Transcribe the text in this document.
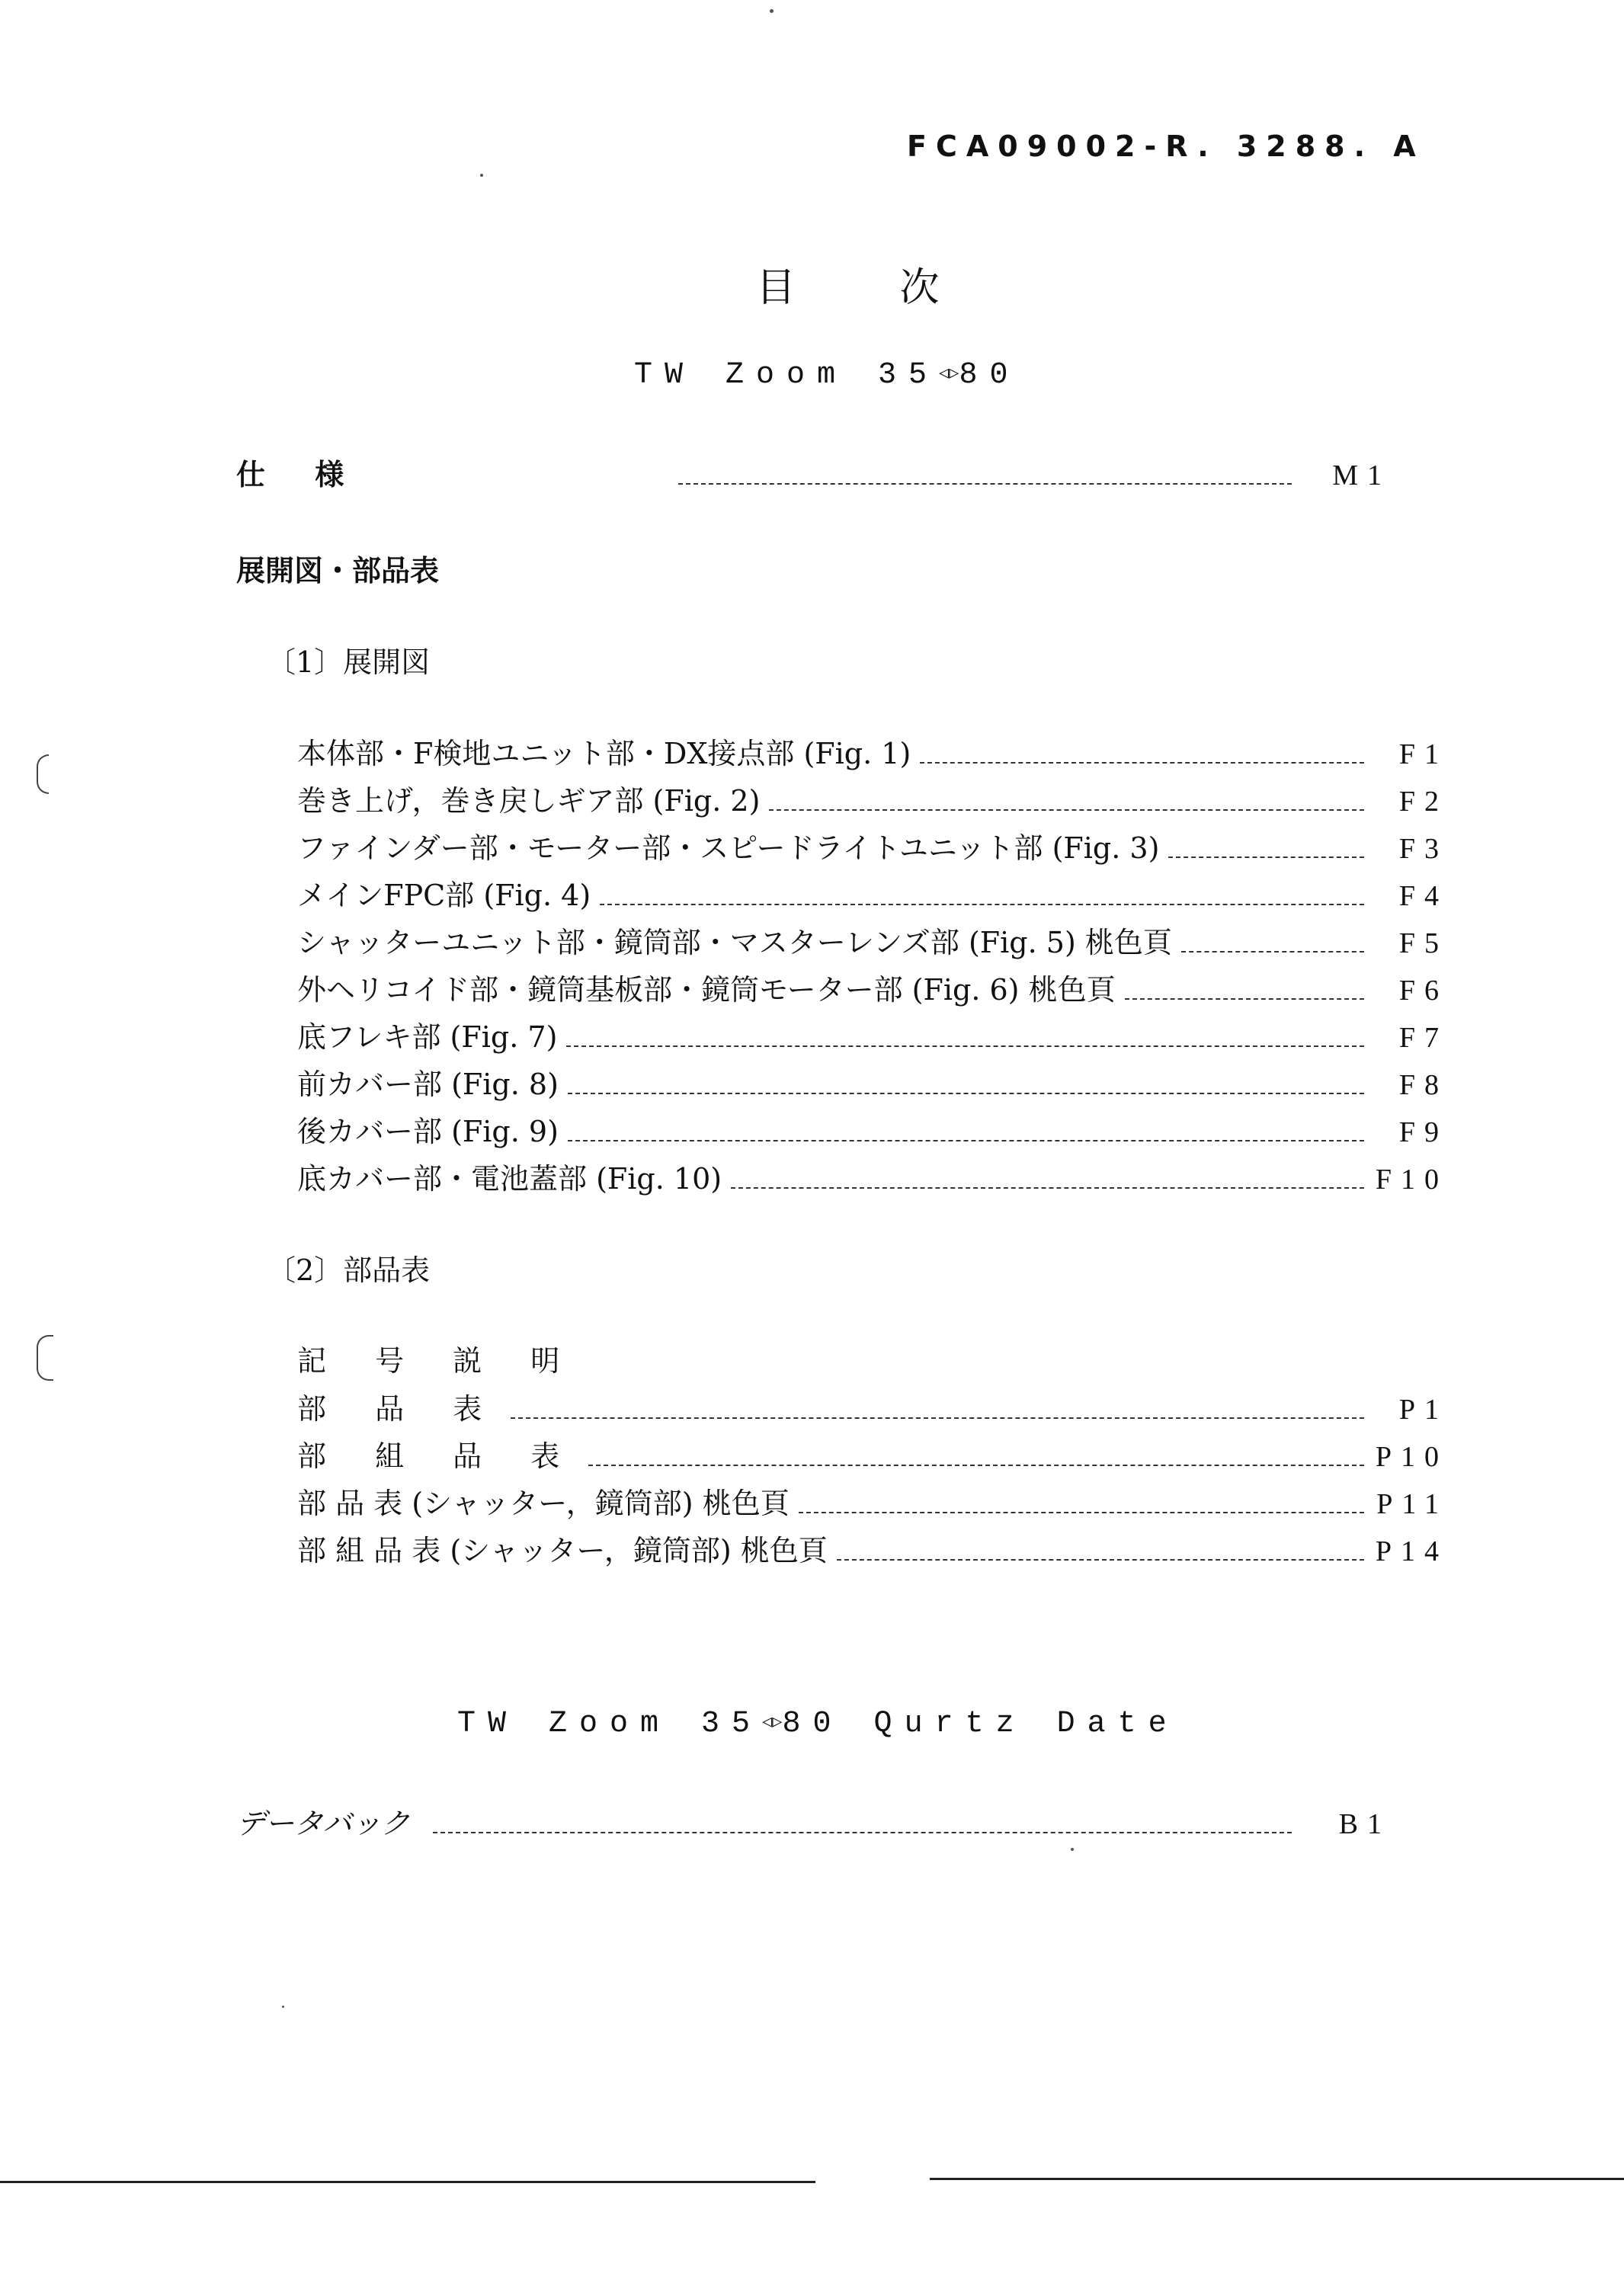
FCA09002-R. 3288. A
目 次
TW Zoom 35◁▷80
仕 様	M1
展開図・部品表
〔1〕展開図
本体部・F検地ユニット部・DX接点部 (Fig. 1)	F1
巻き上げ，巻き戻しギア部 (Fig. 2)	F2
ファインダー部・モーター部・スピードライトユニット部 (Fig. 3)	F3
メインFPC部 (Fig. 4)	F4
シャッターユニット部・鏡筒部・マスターレンズ部 (Fig. 5) 桃色頁	F5
外ヘリコイド部・鏡筒基板部・鏡筒モーター部 (Fig. 6) 桃色頁	F6
底フレキ部 (Fig. 7)	F7
前カバー部 (Fig. 8)	F8
後カバー部 (Fig. 9)	F9
底カバー部・電池蓋部 (Fig. 10)	F10
〔2〕部品表
記 号 説 明
部 品 表	P1
部 組 品 表	P10
部 品 表 (シャッター，鏡筒部) 桃色頁	P11
部 組 品 表 (シャッター，鏡筒部) 桃色頁	P14
TW Zoom 35◁▷80 Qurtz Date
データバック	B1
